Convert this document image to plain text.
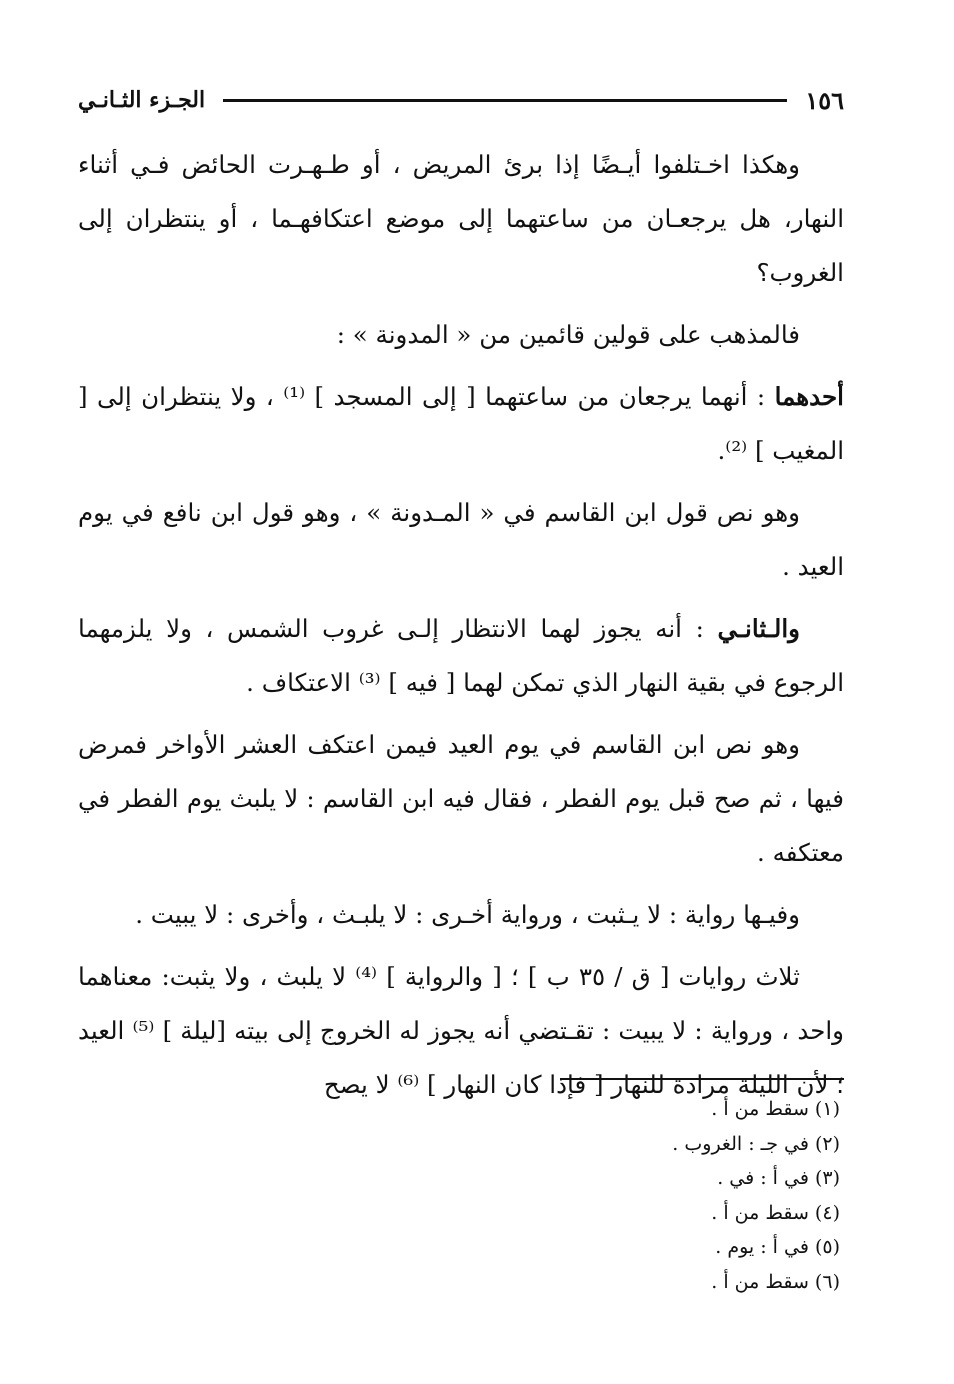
١٥٦
الجـزء الثـانـي

وهكذا اخـتلفوا أيـضًا إذا برئ المريض ، أو طـهـرت الحائض فـي أثناء النهار، هل يرجعـان من ساعتهما إلى موضع اعتكافهـما ، أو ينتظران إلى الغروب؟

فالمذهب على قولين قائمين من « المدونة » :

أحدهما : أنهما يرجعان من ساعتهما [ إلى المسجد ] ⁽¹⁾ ، ولا ينتظران إلى [ المغيب ] ⁽²⁾.

وهو نص قول ابن القاسم في « المـدونة » ، وهو قول ابن نافع في يوم العيد .

والـثانـي : أنه يجوز لهما الانتظار إلـى غروب الشمس ، ولا يلزمهما الرجوع في بقية النهار الذي تمكن لهما [ فيه ] ⁽³⁾ الاعتكاف .

وهو نص ابن القاسم في يوم العيد فيمن اعتكف العشر الأواخر فمرض فيها ، ثم صح قبل يوم الفطر ، فقال فيه ابن القاسم : لا يلبث يوم الفطر في معتكفه .

وفيـها رواية : لا يـثبت ، ورواية أخـرى : لا يلبـث ، وأخرى : لا يبيت .

ثلاث روايات [ ق / ٣٥ ب ] ؛ [ والرواية ] ⁽⁴⁾ لا يلبث ، ولا يثبت: معناهما واحد ، ورواية : لا يبيت : تقـتضي أنه يجوز له الخروج إلى بيته [ليلة ] ⁽⁵⁾ العيد ؛ لأن الليلة مرادة للنهار [ فإذا كان النهار ] ⁽⁶⁾ لا يصح

(١) سقط من أ .

(٢) في جـ : الغروب .

(٣) في أ : في .

(٤) سقط من أ .

(٥) في أ : يوم .

(٦) سقط من أ .
